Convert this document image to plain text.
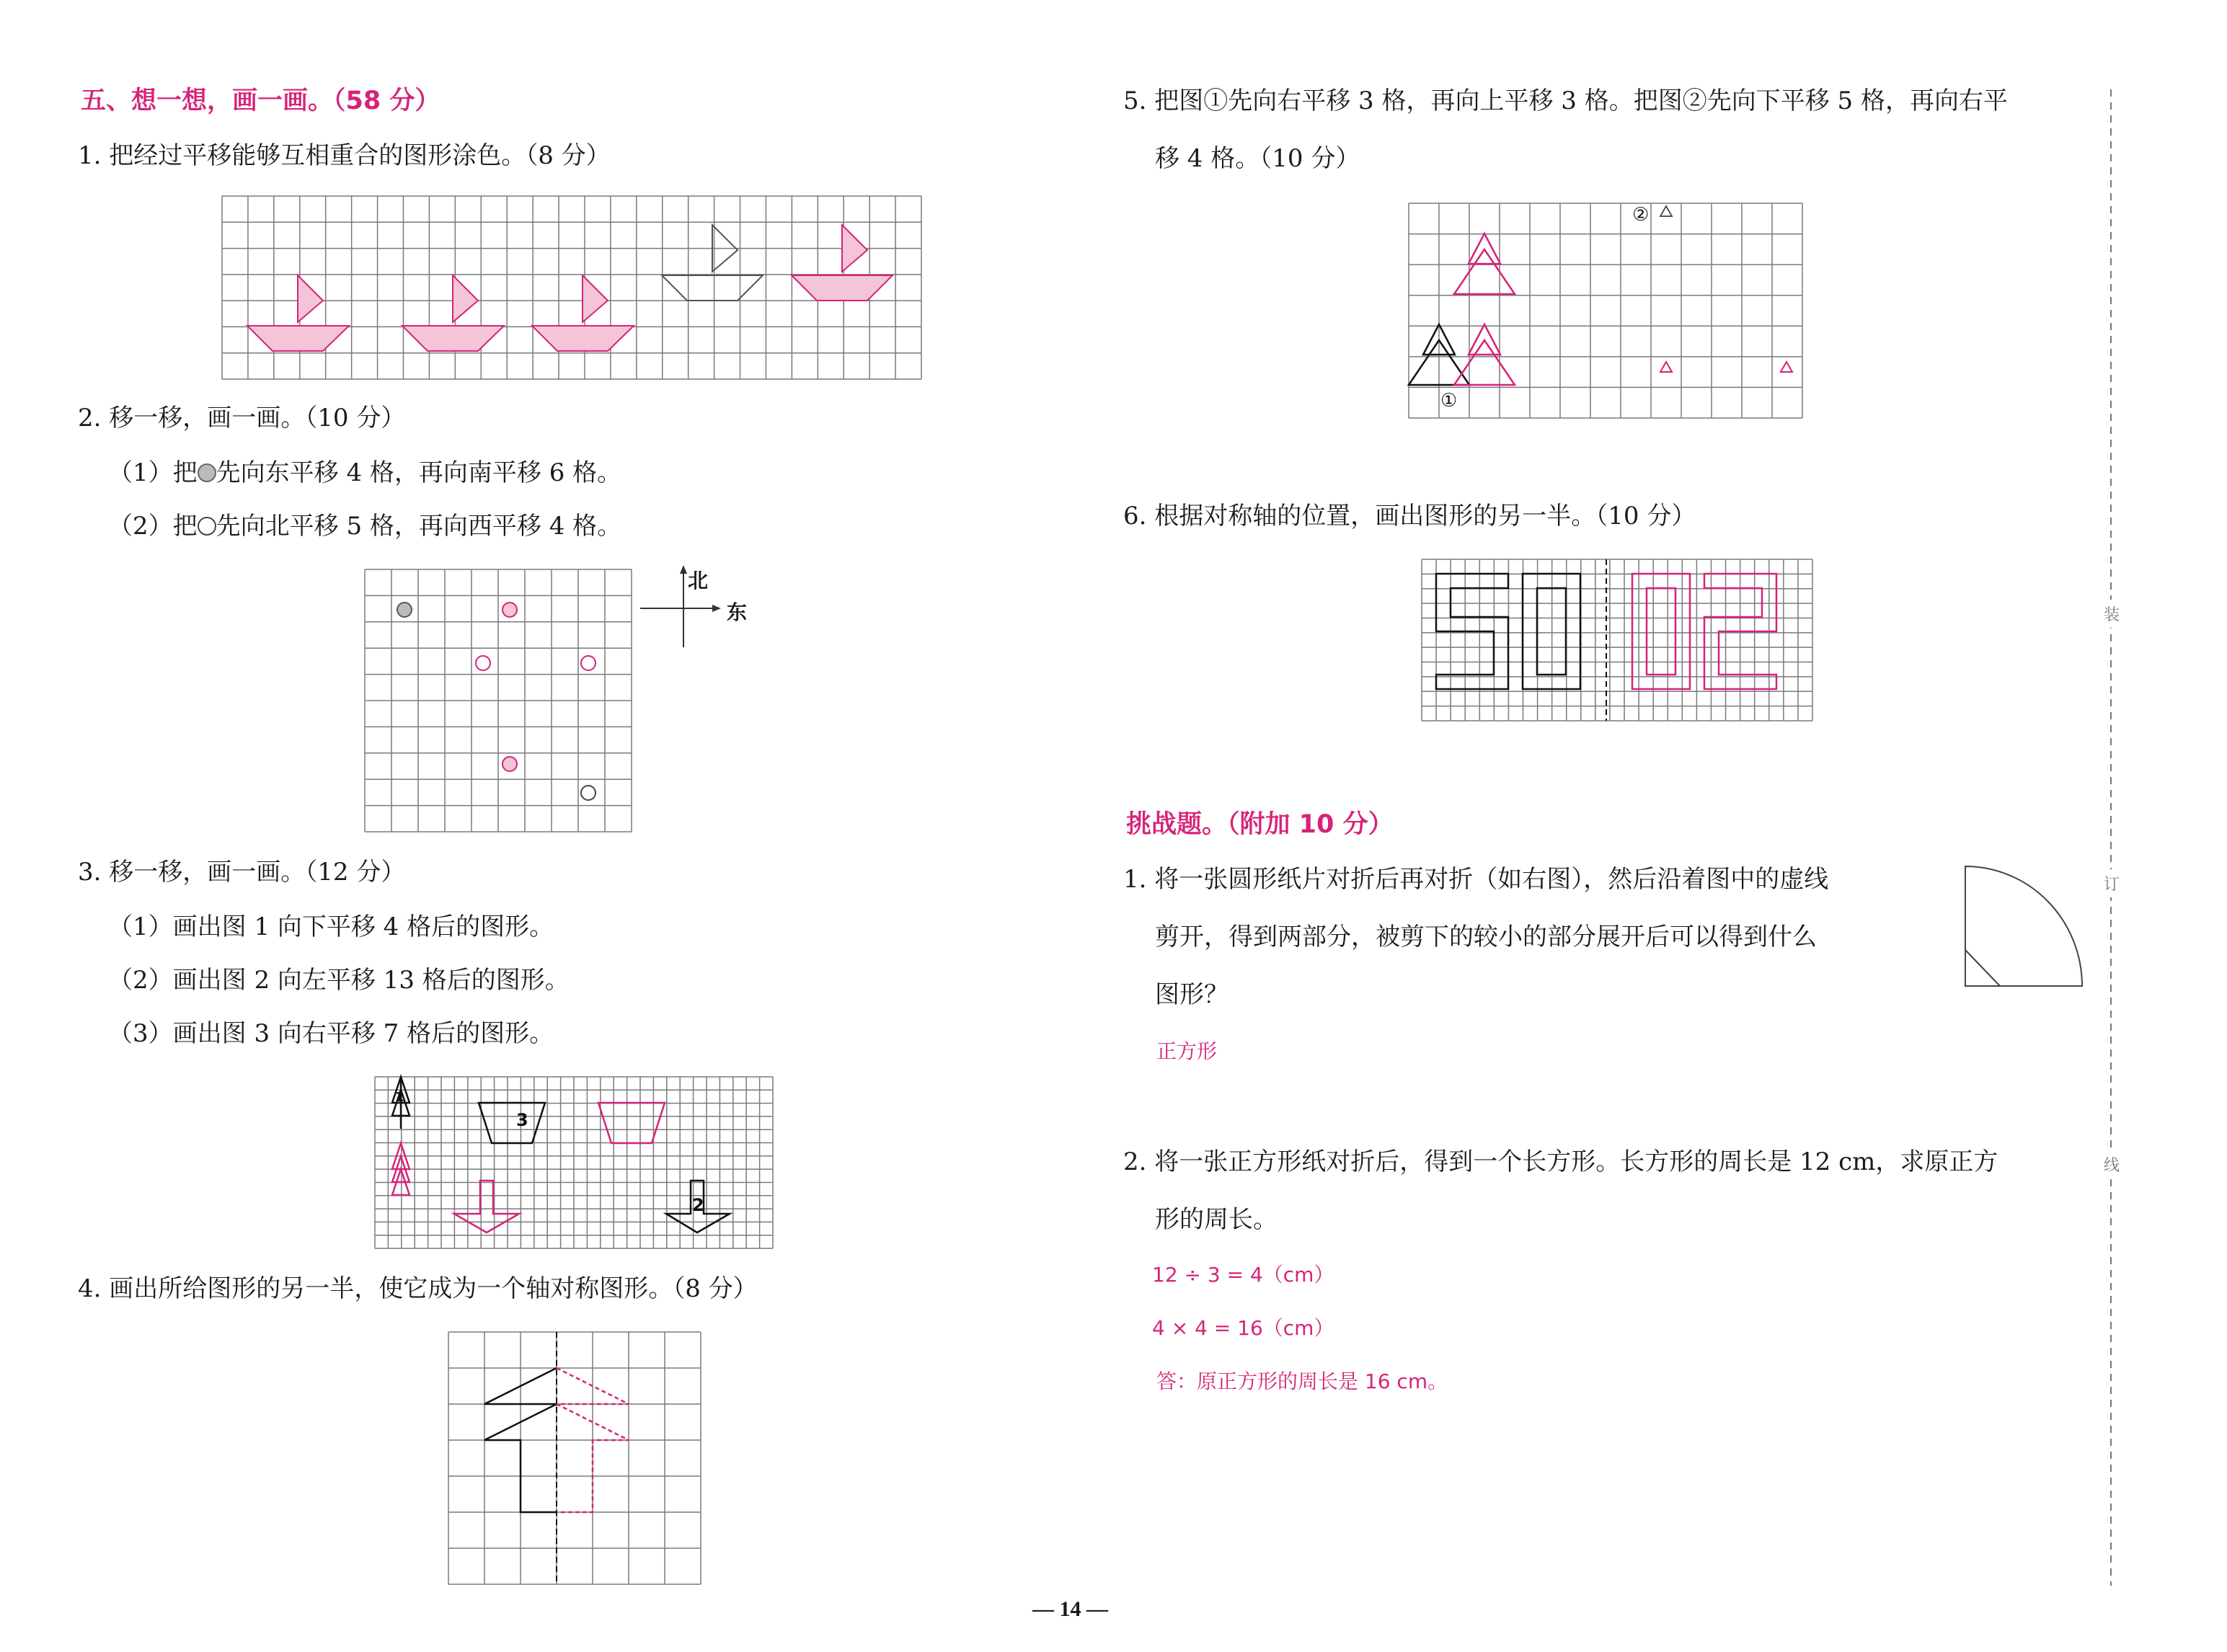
五、想一想，画一画。（58 分）
1. 把经过平移能够互相重合的图形涂色。（8 分）
2. 移一移，画一画。（10 分）
（1）把 先向东平移 4 格，再向南平移 6 格。
（2）把 先向北平移 5 格，再向西平移 4 格。
北
东
3. 移一移，画一画。（12 分）
（1）画出图 1 向下平移 4 格后的图形。
（2）画出图 2 向左平移 13 格后的图形。
（3）画出图 3 向右平移 7 格后的图形。
1
3
2
4. 画出所给图形的另一半，使它成为一个轴对称图形。（8 分）
5. 把图①先向右平移 3 格，再向上平移 3 格。把图②先向下平移 5 格，再向右平
移 4 格。（10 分）
②
①
6. 根据对称轴的位置，画出图形的另一半。（10 分）
挑战题。（附加 10 分）
1. 将一张圆形纸片对折后再对折（如右图），然后沿着图中的虚线
剪开，得到两部分，被剪下的较小的部分展开后可以得到什么
图形？
正方形
2. 将一张正方形纸对折后，得到一个长方形。长方形的周长是 12 cm，求原正方
形的周长。
12 ÷ 3 = 4（cm）
4 × 4 = 16（cm）
答：原正方形的周长是 16 cm。
装
订
线
— 14 —
